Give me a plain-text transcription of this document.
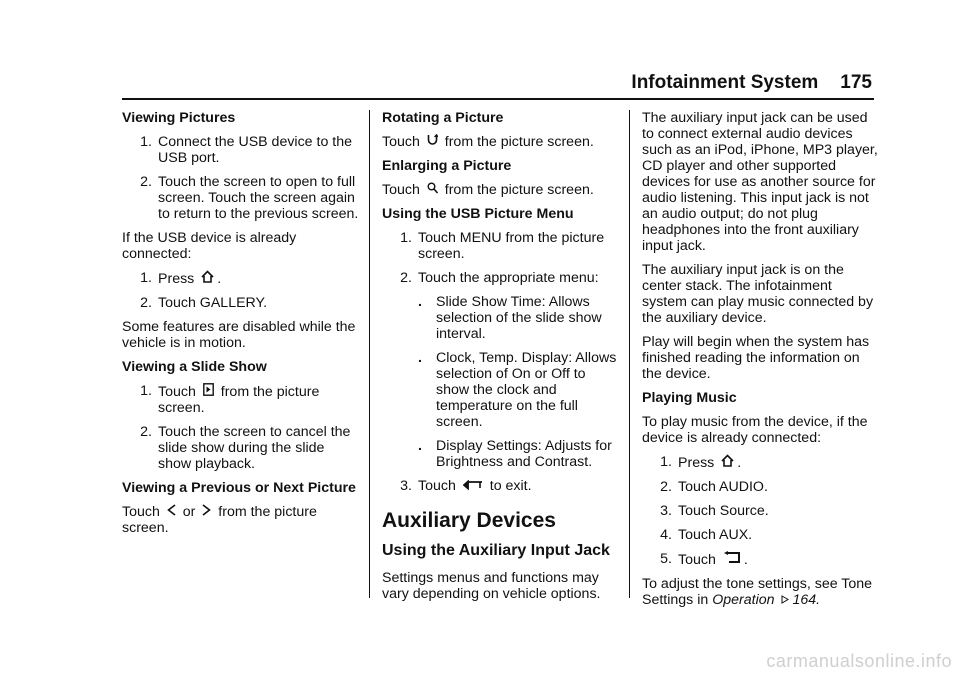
Infotainment System 175
Viewing Pictures
1. Connect the USB device to the USB port.
2. Touch the screen to open to full screen. Touch the screen again to return to the previous screen.

If the USB device is already connected:

1. Press .
2. Touch GALLERY.

Some features are disabled while the vehicle is in motion.

Viewing a Slide Show
1. Touch from the picture screen.
2. Touch the screen to cancel the slide show during the slide show playback.
Viewing a Previous or Next Picture

Touch or from the picture screen.

Rotating a Picture

Touch from the picture screen.

Enlarging a Picture

Touch from the picture screen.

Using the USB Picture Menu
1. Touch MENU from the picture screen.
2. Touch the appropriate menu:
. Slide Show Time: Allows selection of the slide show interval.
. Clock, Temp. Display: Allows selection of On or Off to show the clock and temperature on the full screen.
. Display Settings: Adjusts for Brightness and Contrast.
3. Touch to exit.
Auxiliary Devices
Using the Auxiliary Input Jack

Settings menus and functions may vary depending on vehicle options.

The auxiliary input jack can be used to connect external audio devices such as an iPod, iPhone, MP3 player, CD player and other supported devices for use as another source for audio listening. This input jack is not an audio output; do not plug headphones into the front auxiliary input jack.

The auxiliary input jack is on the center stack. The infotainment system can play music connected by the auxiliary device.

Play will begin when the system has finished reading the information on the device.

Playing Music

To play music from the device, if the device is already connected:

1. Press .
2. Touch AUDIO.
3. Touch Source.
4. Touch AUX.
5. Touch .

To adjust the tone settings, see Tone Settings in Operation 164.

carmanualsonline.info
